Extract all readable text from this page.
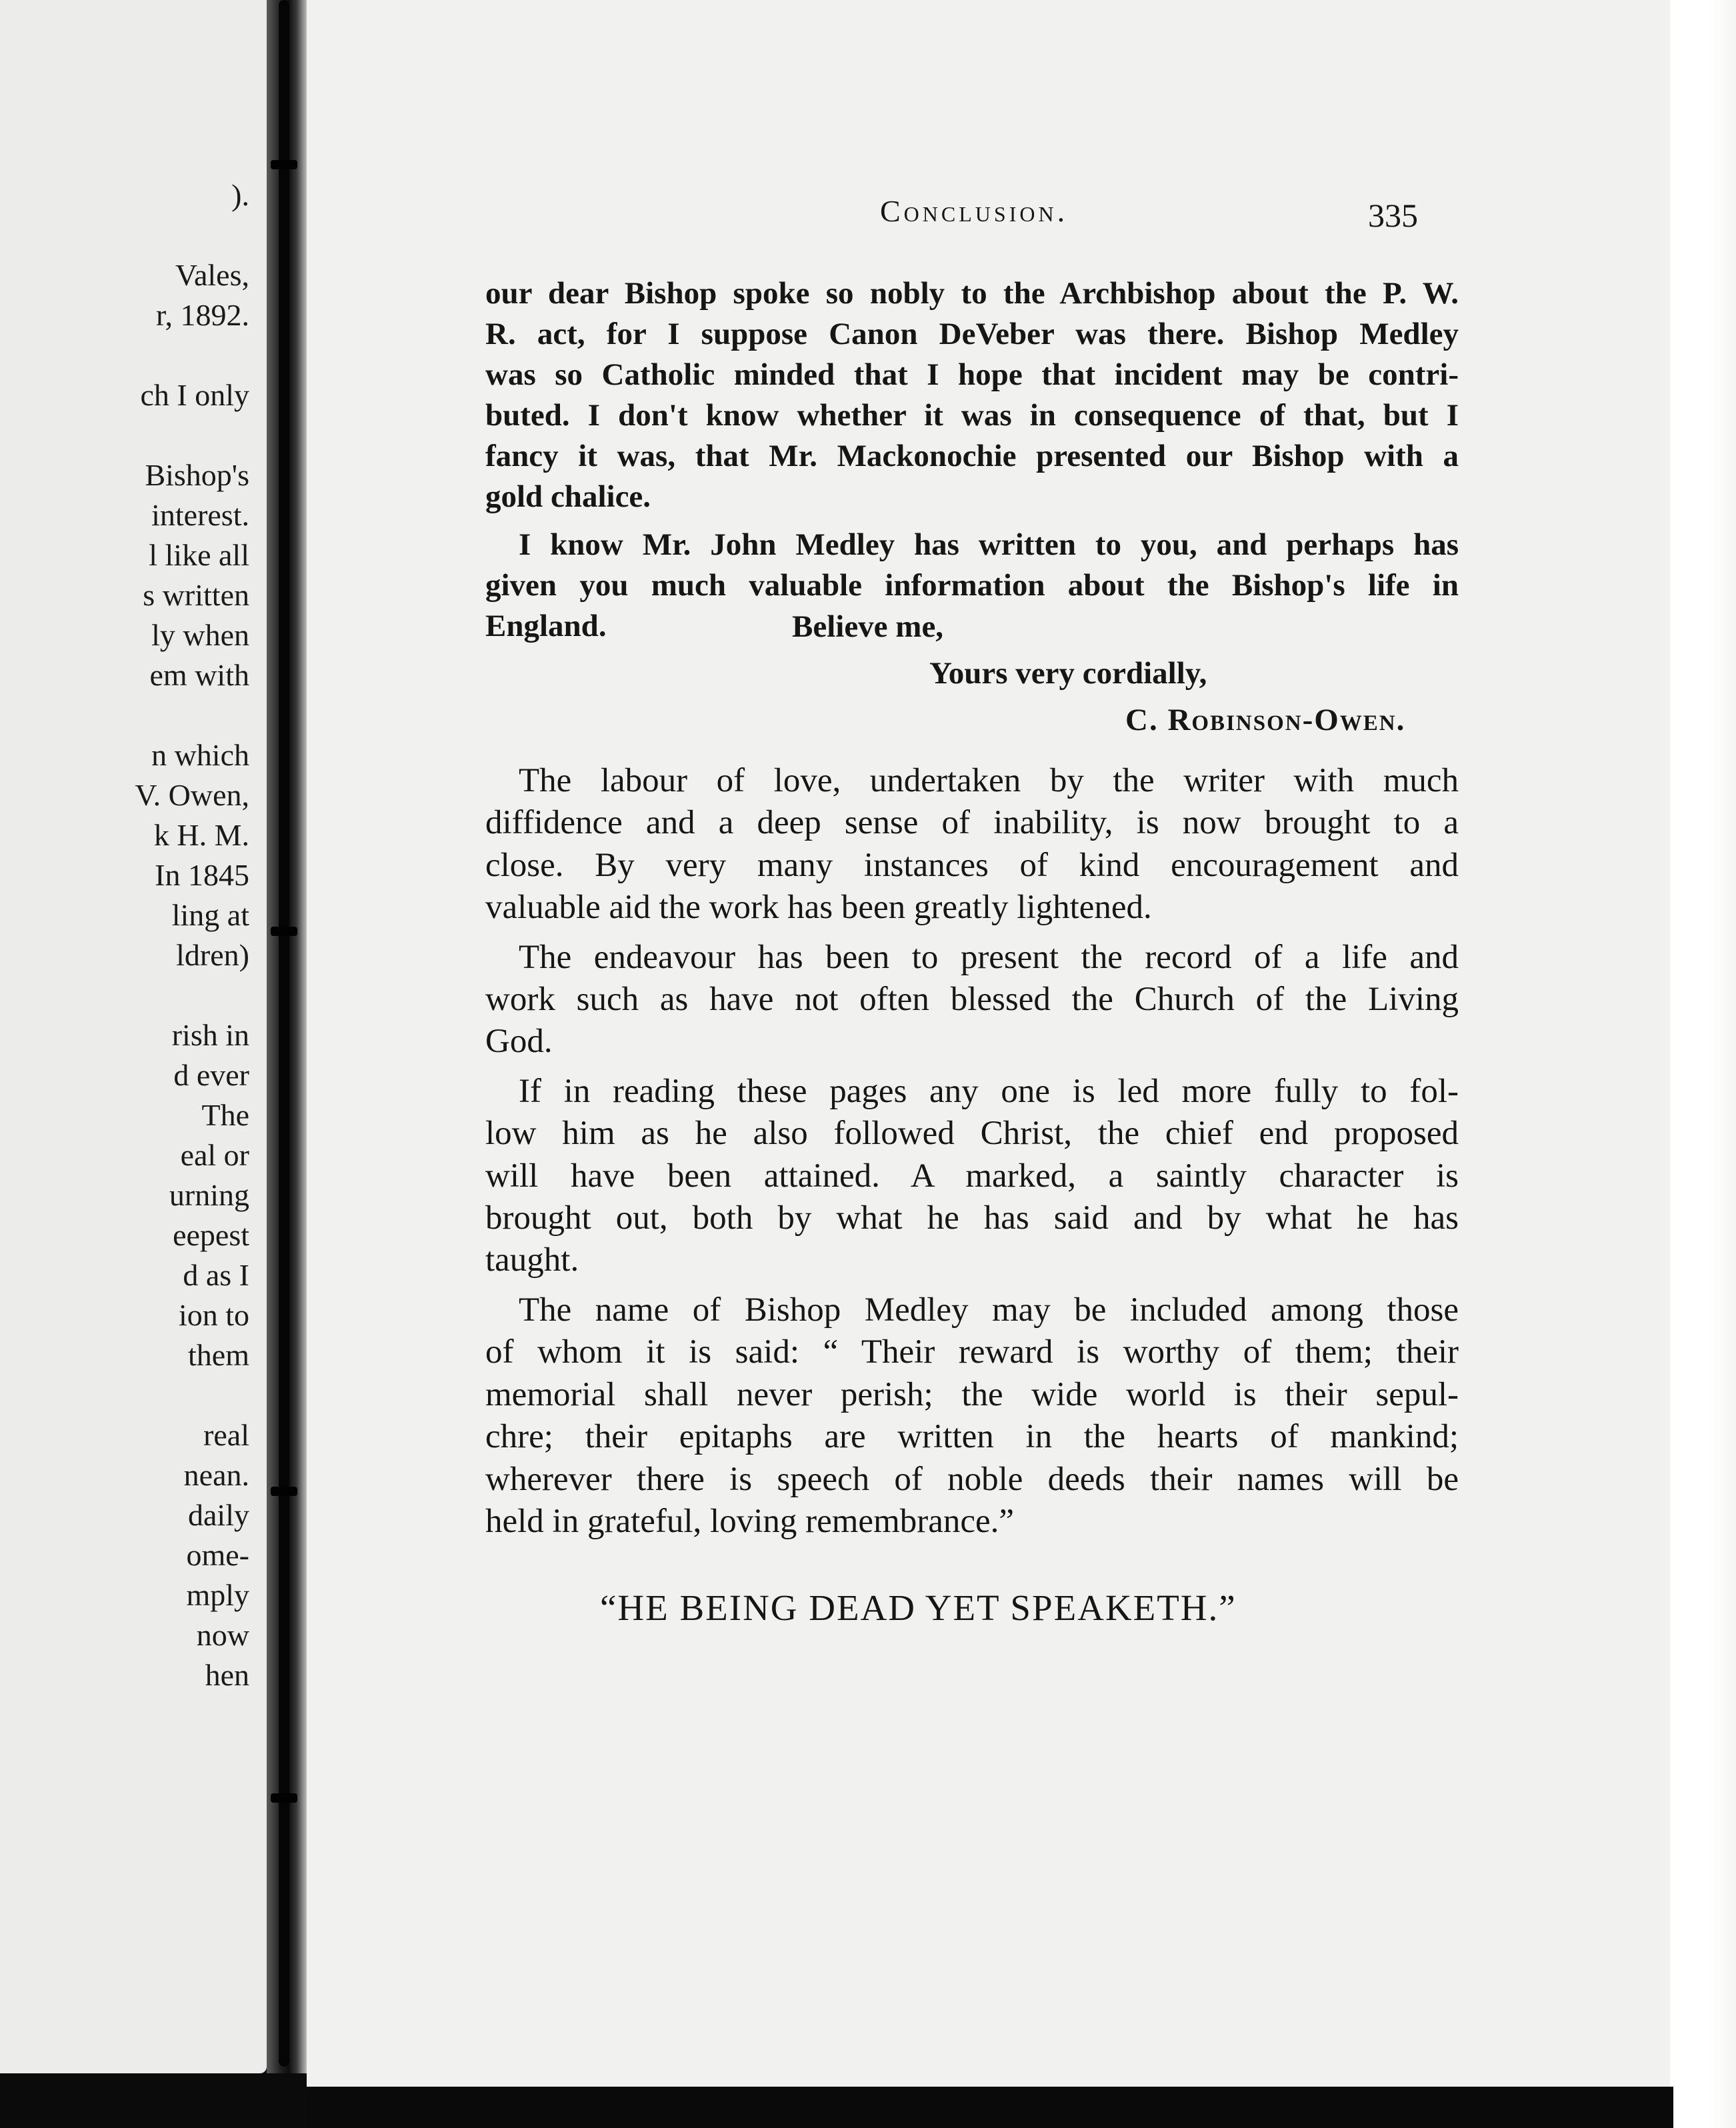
).
Vales,
r, 1892.
ch I only
Bishop's
interest.
l like all
s written
ly when
em with
n which
V. Owen,
k H. M.
In 1845
ling at
ldren)
rish in
d ever
The
eal or
urning
eepest
d as I
ion to
them
real
nean.
daily
ome-
mply
now
hen
Conclusion.	335
our dear Bishop spoke so nobly to the Archbishop about the P. W.
R. act, for I suppose Canon DeVeber was there. Bishop Medley
was so Catholic minded that I hope that incident may be contri-
buted. I don't know whether it was in consequence of that, but I
fancy it was, that Mr. Mackonochie presented our Bishop with a
gold chalice.
I know Mr. John Medley has written to you, and perhaps has
given you much valuable information about the Bishop's life in
England.	Believe me,
Yours very cordially,
C. Robinson-Owen.
The labour of love, undertaken by the writer with much
diffidence and a deep sense of inability, is now brought to a
close. By very many instances of kind encouragement and
valuable aid the work has been greatly lightened.
The endeavour has been to present the record of a life and
work such as have not often blessed the Church of the Living
God.
If in reading these pages any one is led more fully to fol-
low him as he also followed Christ, the chief end proposed
will have been attained. A marked, a saintly character is
brought out, both by what he has said and by what he has
taught.
The name of Bishop Medley may be included among those
of whom it is said: “ Their reward is worthy of them; their
memorial shall never perish; the wide world is their sepul-
chre; their epitaphs are written in the hearts of mankind;
wherever there is speech of noble deeds their names will be
held in grateful, loving remembrance.”
“HE BEING DEAD YET SPEAKETH.”
